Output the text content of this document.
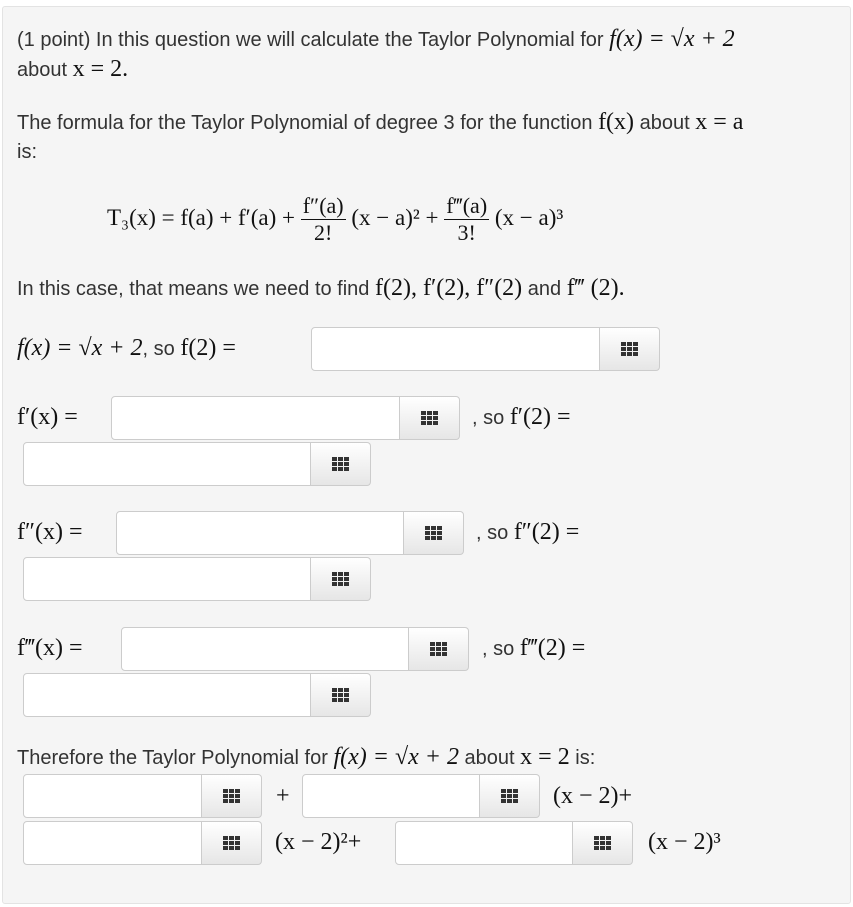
(1 point) In this question we will calculate the Taylor Polynomial for f(x) = √x + 2
about x = 2.
The formula for the Taylor Polynomial of degree 3 for the function f(x) about x = a
is:
$T_3(x) = f(a) + f'(a) + \frac{f''(a)}{2!} (x - a)^2 + \frac{f‴(a)}{3!} (x - a)^3$
In this case, that means we need to find f(2), f′(2), f″(2) and f‴ (2).
f(x) = √x + 2, so f(2) =
f′(x) =	, so f′(2) =
f″(x) =	, so f″(2) =
f‴(x) =	, so f‴(2) =
Therefore the Taylor Polynomial for f(x) = √x + 2 about x = 2 is:
+	(x − 2)+
(x − 2)²+	(x − 2)³
